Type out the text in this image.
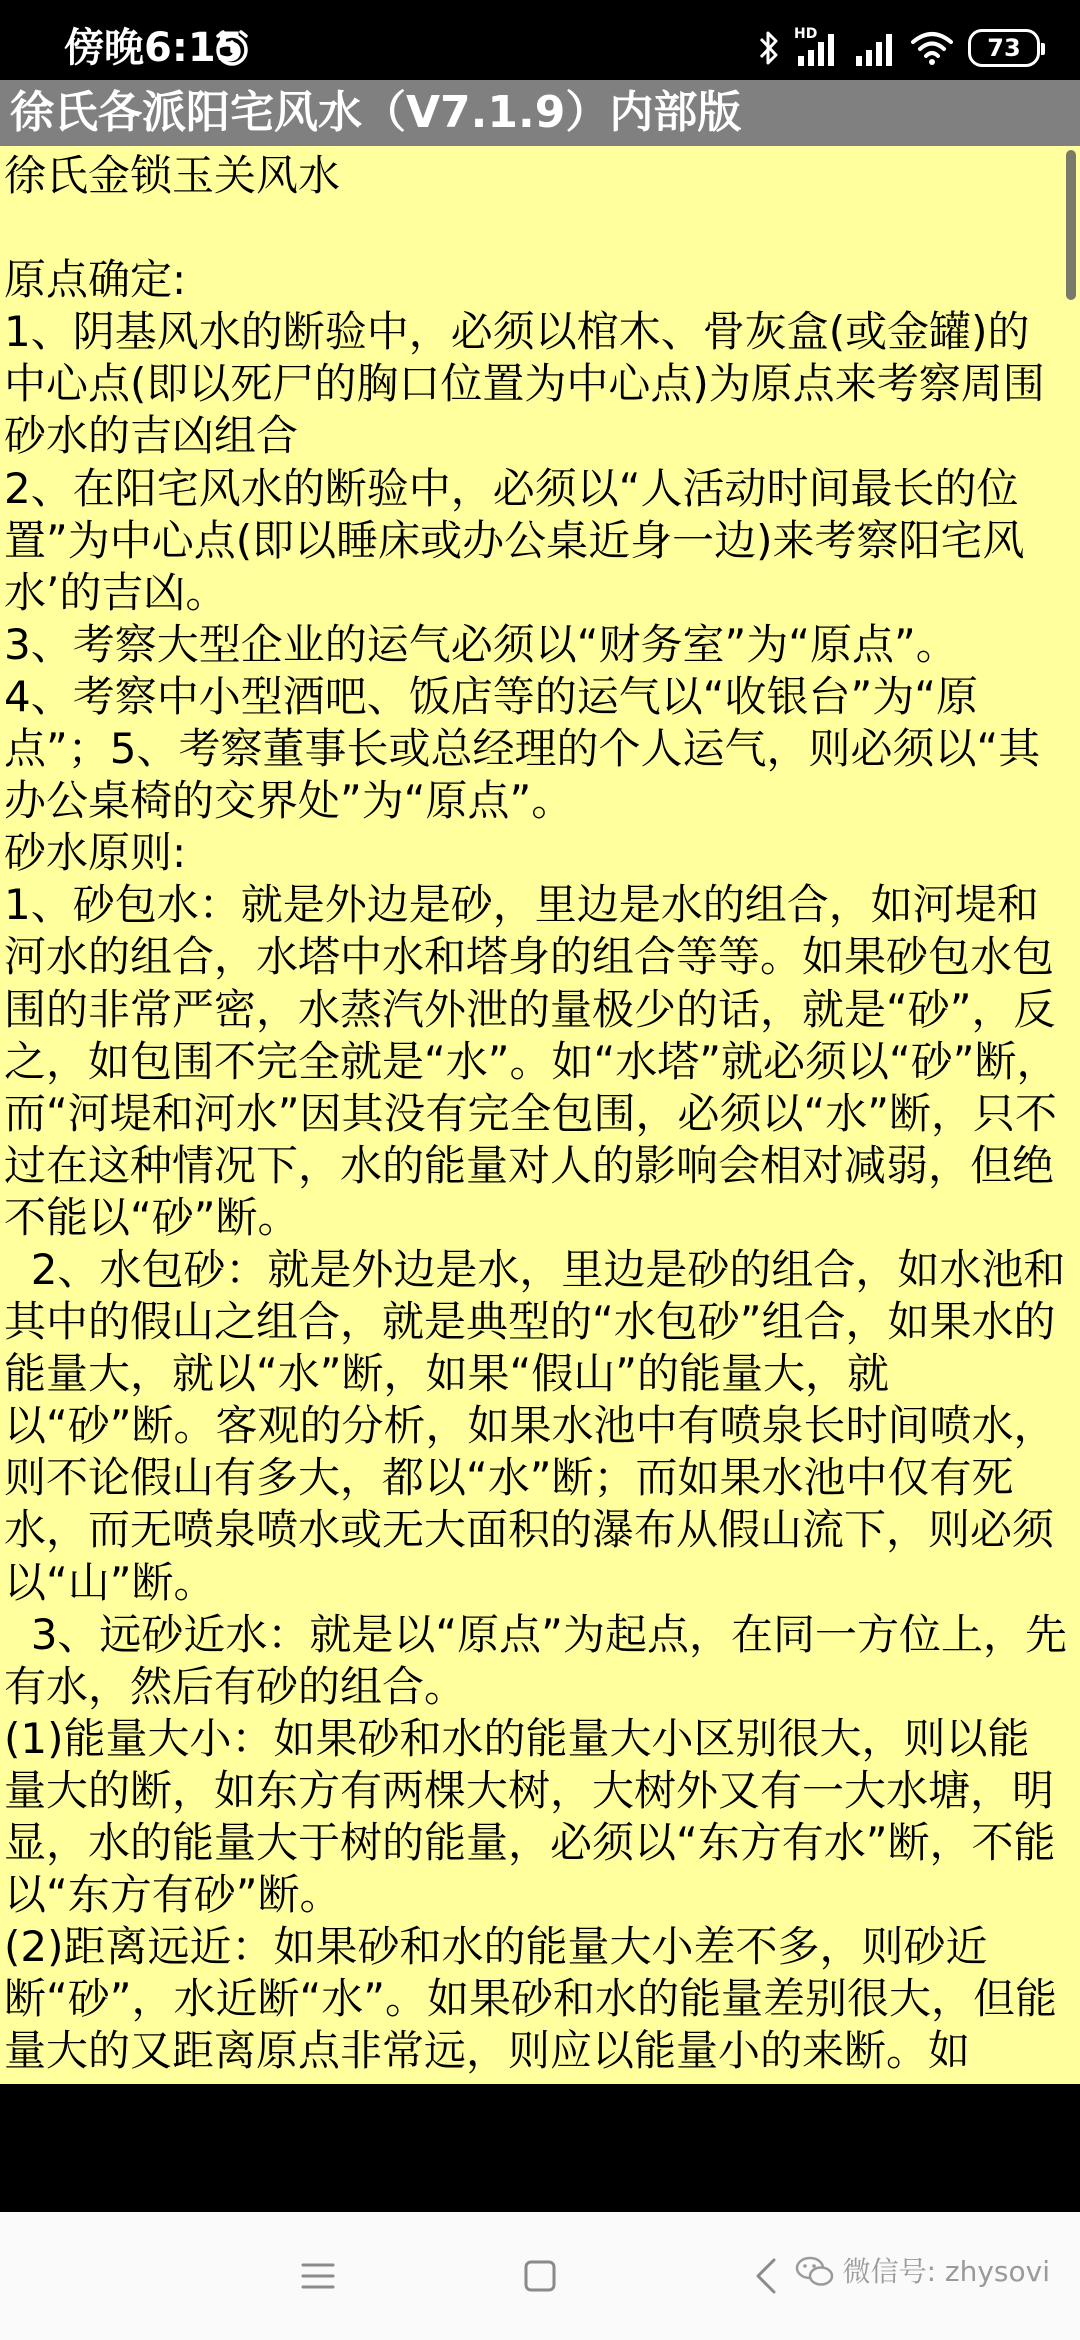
傍晚6:15	HD	73
徐氏各派阳宅风水（V7.1.9）内部版
徐氏金锁玉关风水

原点确定:
1、阴基风水的断验中，必须以棺木、骨灰盒(或金罐)的中心点(即以死尸的胸口位置为中心点)为原点来考察周围砂水的吉凶组合
2、在阳宅风水的断验中，必须以“人活动时间最长的位置”为中心点(即以睡床或办公桌近身一边)来考察阳宅风水’的吉凶。
3、考察大型企业的运气必须以“财务室”为“原点”。
4、考察中小型酒吧、饭店等的运气以“收银台”为“原点”；5、考察董事长或总经理的个人运气，则必须以“其办公桌椅的交界处”为“原点”。
砂水原则:
1、砂包水：就是外边是砂，里边是水的组合，如河堤和河水的组合，水塔中水和塔身的组合等等。如果砂包水包围的非常严密，水蒸汽外泄的量极少的话，就是“砂”，反之，如包围不完全就是“水”。如“水塔”就必须以“砂”断，而“河堤和河水”因其没有完全包围，必须以“水”断，只不过在这种情况下，水的能量对人的影响会相对减弱，但绝不能以“砂”断。
2、水包砂：就是外边是水，里边是砂的组合，如水池和其中的假山之组合，就是典型的“水包砂”组合，如果水的能量大，就以“水”断，如果“假山”的能量大，就以“砂”断。客观的分析，如果水池中有喷泉长时间喷水，则不论假山有多大，都以“水”断；而如果水池中仅有死水，而无喷泉喷水或无大面积的瀑布从假山流下，则必须以“山”断。
3、远砂近水：就是以“原点”为起点，在同一方位上，先有水，然后有砂的组合。
(1)能量大小：如果砂和水的能量大小区别很大，则以能量大的断，如东方有两棵大树，大树外又有一大水塘，明显，水的能量大于树的能量，必须以“东方有水”断，不能以“东方有砂”断。
(2)距离远近：如果砂和水的能量大小差不多，则砂近断“砂”，水近断“水”。如果砂和水的能量差别很大，但能量大的又距离原点非常远，则应以能量小的来断。如
微信号: zhysovi
